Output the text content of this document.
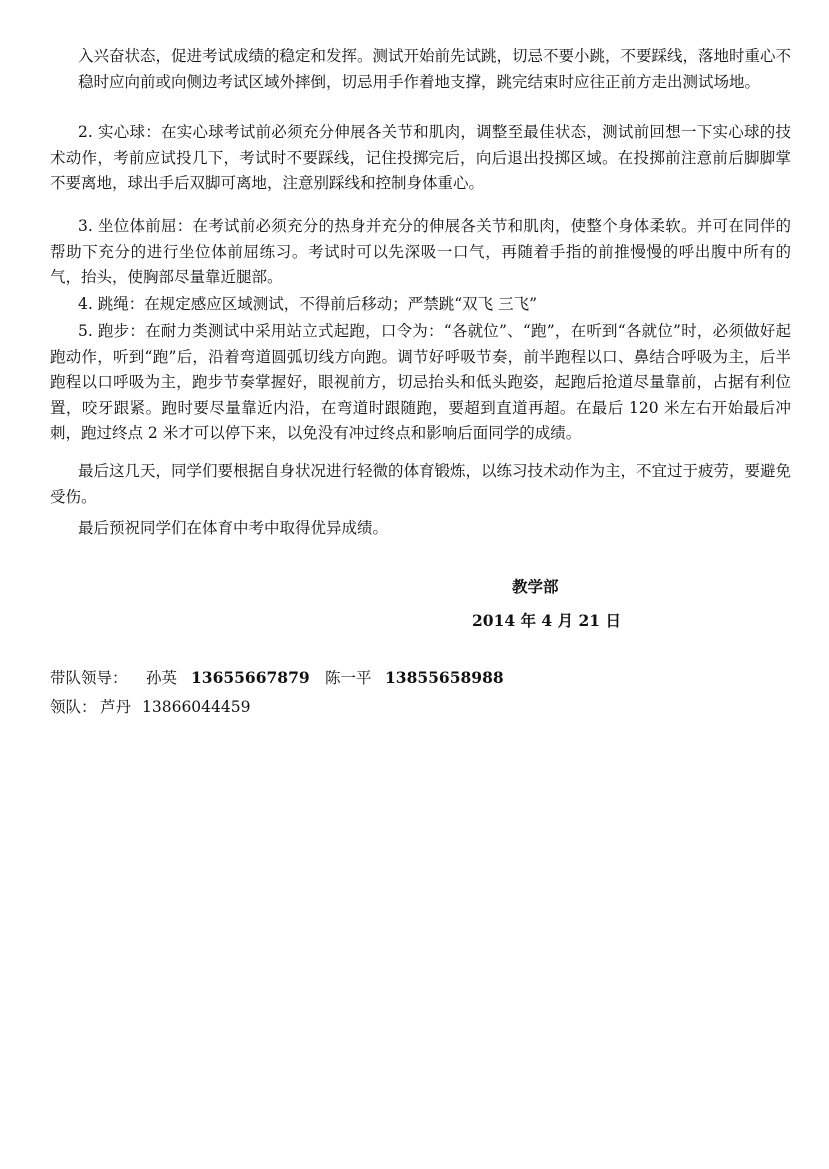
入兴奋状态，促进考试成绩的稳定和发挥。测试开始前先试跳，切忌不要小跳，不要踩线，落地时重心不稳时应向前或向侧边考试区域外摔倒，切忌用手作着地支撑，跳完结束时应往正前方走出测试场地。

2. 实心球：在实心球考试前必须充分伸展各关节和肌肉，调整至最佳状态，测试前回想一下实心球的技术动作，考前应试投几下，考试时不要踩线，记住投掷完后，向后退出投掷区域。在投掷前注意前后脚脚掌不要离地，球出手后双脚可离地，注意别踩线和控制身体重心。

3. 坐位体前屈：在考试前必须充分的热身并充分的伸展各关节和肌肉，使整个身体柔软。并可在同伴的帮助下充分的进行坐位体前屈练习。考试时可以先深吸一口气，再随着手指的前推慢慢的呼出腹中所有的气，抬头，使胸部尽量靠近腿部。

4. 跳绳：在规定感应区域测试，不得前后移动；严禁跳“双飞 三飞”

5. 跑步：在耐力类测试中采用站立式起跑，口令为：“各就位”、“跑”，在听到“各就位”时，必须做好起跑动作，听到“跑”后，沿着弯道圆弧切线方向跑。调节好呼吸节奏，前半跑程以口、鼻结合呼吸为主，后半跑程以口呼吸为主，跑步节奏掌握好，眼视前方，切忌抬头和低头跑姿，起跑后抢道尽量靠前，占据有利位置，咬牙跟紧。跑时要尽量靠近内沿，在弯道时跟随跑，要超到直道再超。在最后 120 米左右开始最后冲刺，跑过终点 2 米才可以停下来，以免没有冲过终点和影响后面同学的成绩。

最后这几天，同学们要根据自身状况进行轻微的体育锻炼，以练习技术动作为主，不宜过于疲劳，要避免受伤。

最后预祝同学们在体育中考中取得优异成绩。

教学部
2014 年 4 月 21 日
带队领导： 孙英 13655667879 陈一平 13855658988
领队： 芦丹 13866044459
